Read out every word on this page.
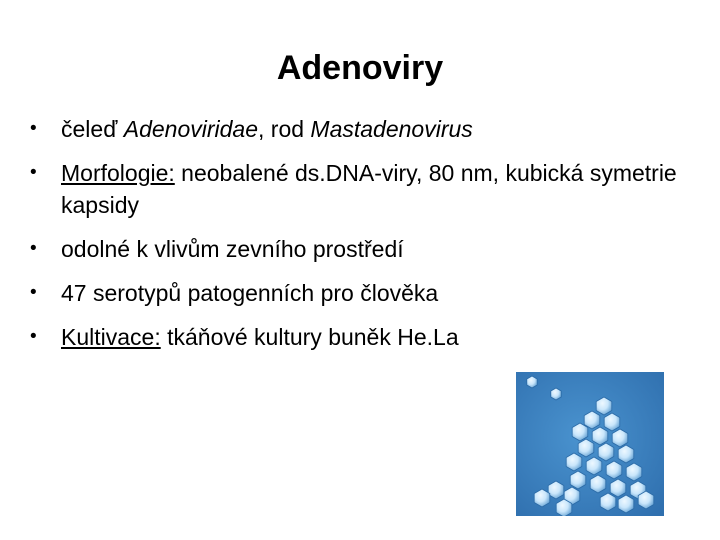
Adenoviry
• čeleď Adenoviridae, rod Mastadenovirus
• Morfologie: neobalené ds.DNA-viry, 80 nm, kubická symetrie kapsidy
• odolné k vlivům zevního prostředí
• 47 serotypů patogenních pro člověka
• Kultivace: tkáňové kultury buněk He.La
